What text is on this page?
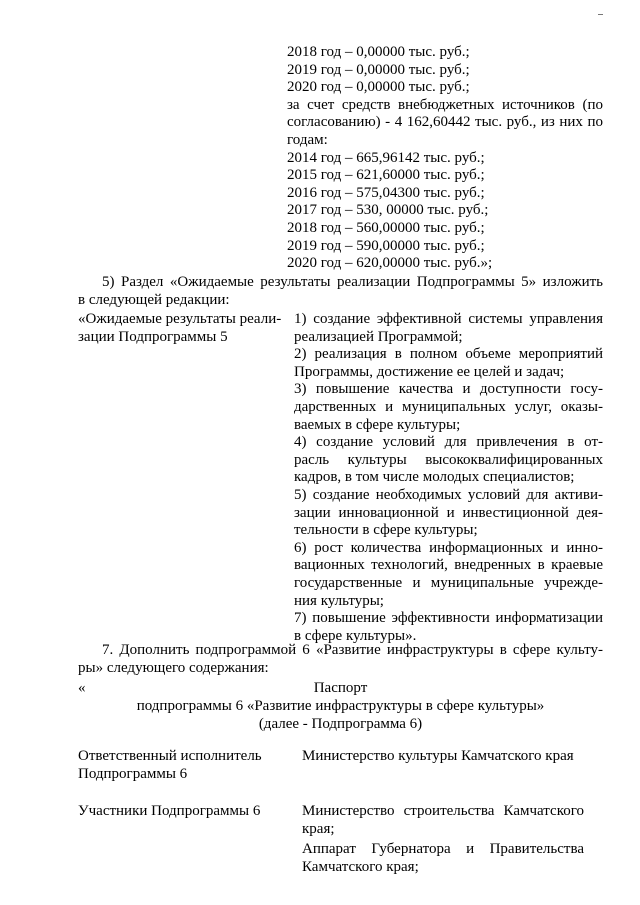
2018 год – 0,00000 тыс. руб.;
2019 год – 0,00000 тыс. руб.;
2020 год – 0,00000 тыс. руб.;
за счет средств внебюджетных источников (по
согласованию) - 4 162,60442 тыс. руб., из них по
годам:
2014 год – 665,96142 тыс. руб.;
2015 год – 621,60000 тыс. руб.;
2016 год – 575,04300 тыс. руб.;
2017 год – 530, 00000 тыс. руб.;
2018 год – 560,00000 тыс. руб.;
2019 год – 590,00000 тыс. руб.;
2020 год – 620,00000 тыс. руб.»;
5) Раздел «Ожидаемые результаты реализации Подпрограммы 5» изложить
в следующей редакции:
«Ожидаемые результаты реали-
зации Подпрограммы 5
1) создание эффективной системы управления
реализацией Программой;
2) реализация в полном объеме мероприятий
Программы, достижение ее целей и задач;
3) повышение качества и доступности госу-
дарственных и муниципальных услуг, оказы-
ваемых в сфере культуры;
4) создание условий для привлечения в от-
расль культуры высококвалифицированных
кадров, в том числе молодых специалистов;
5) создание необходимых условий для активи-
зации инновационной и инвестиционной дея-
тельности в сфере культуры;
6) рост количества информационных и инно-
вационных технологий, внедренных в краевые
государственные и муниципальные учрежде-
ния культуры;
7) повышение эффективности информатизации
в сфере культуры».
7. Дополнить подпрограммой 6 «Развитие инфраструктуры в сфере культу-
ры» следующего содержания:
«	Паспорт
подпрограммы 6 «Развитие инфраструктуры в сфере культуры»
(далее - Подпрограмма 6)
Ответственный исполнитель
Подпрограммы 6
Министерство культуры Камчатского края
Участники Подпрограммы 6	Министерство строительства Камчатского
края;
Аппарат Губернатора и Правительства
Камчатского края;
